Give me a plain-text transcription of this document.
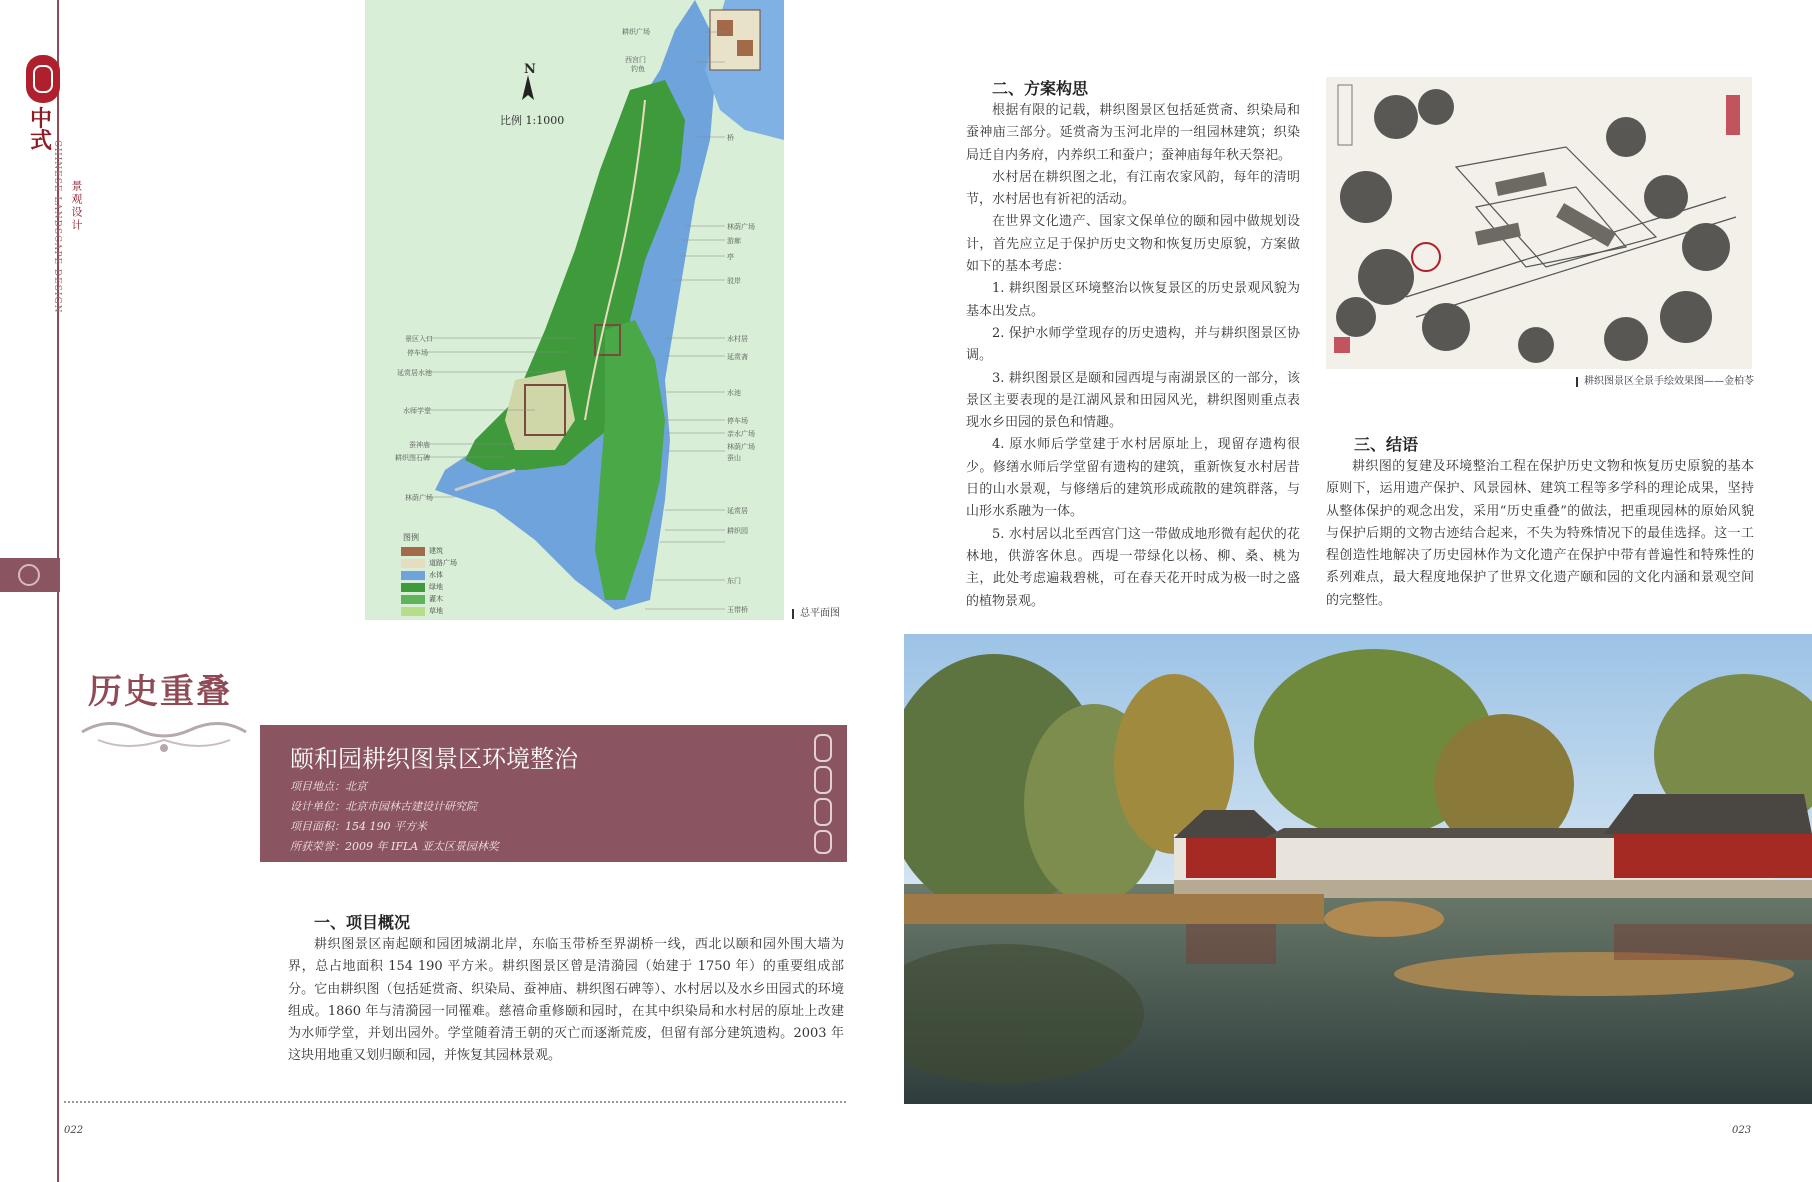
中式 CHINESE LANDSCAPE DESIGN 景观设计
N
比例 1:1000
耕织广场
西宫门
钓鱼
桥
林荫广场
游廊
亭
驳岸
水村居
延赏斋
水池
停车场
亲水广场
林荫广场
蚕山
延赏居
耕织园
东门
玉带桥
景区入口
停车场
延赏居水池
水师学堂
蚕神庙
耕织图石碑
林荫广场
图例
建筑
道路广场
水体
绿地
灌木
草地	总平面图
历史重叠
颐和园耕织图景区环境整治
项目地点：北京
设计单位：北京市园林古建设计研究院
项目面积：154 190 平方米
所获荣誉：2009 年 IFLA 亚太区景园林奖
一、项目概况

耕织图景区南起颐和园团城湖北岸，东临玉带桥至界湖桥一线，西北以颐和园外围大墙为界，总占地面积 154 190 平方米。耕织图景区曾是清漪园（始建于 1750 年）的重要组成部分。它由耕织图（包括延赏斋、织染局、蚕神庙、耕织图石碑等）、水村居以及水乡田园式的环境组成。1860 年与清漪园一同罹难。慈禧命重修颐和园时，在其中织染局和水村居的原址上改建为水师学堂，并划出园外。学堂随着清王朝的灭亡而逐渐荒废，但留有部分建筑遗构。2003 年这块用地重又划归颐和园，并恢复其园林景观。

二、方案构思

根据有限的记载，耕织图景区包括延赏斋、织染局和蚕神庙三部分。延赏斋为玉河北岸的一组园林建筑；织染局迁自内务府，内养织工和蚕户；蚕神庙每年秋天祭祀。

水村居在耕织图之北，有江南农家风韵，每年的清明节，水村居也有祈祀的活动。

在世界文化遗产、国家文保单位的颐和园中做规划设计，首先应立足于保护历史文物和恢复历史原貌，方案做如下的基本考虑：

1. 耕织图景区环境整治以恢复景区的历史景观风貌为基本出发点。

2. 保护水师学堂现存的历史遗构，并与耕织图景区协调。

3. 耕织图景区是颐和园西堤与南湖景区的一部分，该景区主要表现的是江湖风景和田园风光，耕织图则重点表现水乡田园的景色和情趣。

4. 原水师后学堂建于水村居原址上，现留存遗构很少。修缮水师后学堂留有遗构的建筑，重新恢复水村居昔日的山水景观，与修缮后的建筑形成疏散的建筑群落，与山形水系融为一体。

5. 水村居以北至西宫门这一带做成地形微有起伏的花林地，供游客休息。西堤一带绿化以杨、柳、桑、桃为主，此处考虑遍栽碧桃，可在春天花开时成为极一时之盛的植物景观。

耕织图景区全景手绘效果图——金柏苓
三、结语

耕织图的复建及环境整治工程在保护历史文物和恢复历史原貌的基本原则下，运用遗产保护、风景园林、建筑工程等多学科的理论成果，坚持从整体保护的观念出发，采用“历史重叠”的做法，把重现园林的原始风貌与保护后期的文物古迹结合起来，不失为特殊情况下的最佳选择。这一工程创造性地解决了历史园林作为文化遗产在保护中带有普遍性和特殊性的系列难点，最大程度地保护了世界文化遗产颐和园的文化内涵和景观空间的完整性。

022	023
